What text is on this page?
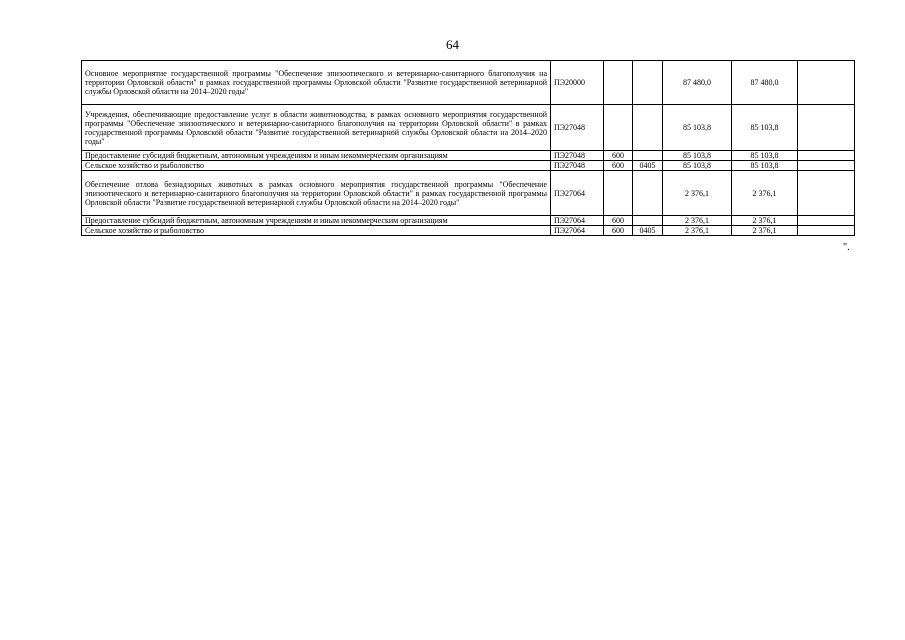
64
Основное мероприятие государственной программы "Обеспечение эпизоотического и ветеринарно-санитарного благополучия на территории Орловской области" в рамках государственной программы Орловской области "Развитие государственной ветеринарной службы Орловской области на 2014–2020 годы"	ПЭ20000			87 480,0	87 480,0	
Учреждения, обеспечивающие предоставление услуг в области животноводства, в рамках основного мероприятия государственной программы "Обеспечение эпизоотического и ветеринарно-санитарного благополучия на территории Орловской области" в рамках государственной программы Орловской области "Развитие государственной ветеринарной службы Орловской области на 2014–2020 годы"	ПЭ27048			85 103,8	85 103,8	
Предоставление субсидий бюджетным, автономным учреждениям и иным некоммерческим организациям	ПЭ27048	600		85 103,8	85 103,8	
Сельское хозяйство и рыболовство	ПЭ27048	600	0405	85 103,8	85 103,8	
Обеспечение отлова безнадзорных животных в рамках основного мероприятия государственной программы "Обеспечение эпизоотического и ветеринарно-санитарного благополучия на территории Орловской области" в рамках государственной программы Орловской области "Развитие государственной ветеринарной службы Орловской области на 2014–2020 годы"	ПЭ27064			2 376,1	2 376,1	
Предоставление субсидий бюджетным, автономным учреждениям и иным некоммерческим организациям	ПЭ27064	600		2 376,1	2 376,1	
Сельское хозяйство и рыболовство	ПЭ27064	600	0405	2 376,1	2 376,1	
".
